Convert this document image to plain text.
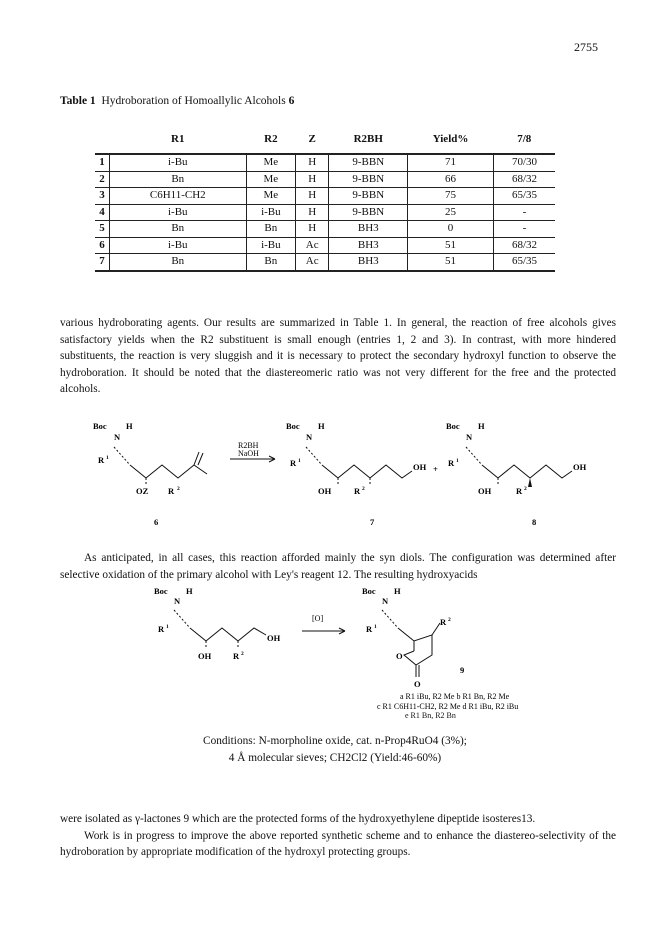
2755
Table 1 Hydroboration of Homoallylic Alcohols 6
	R1	R2	Z	R2BH	Yield%	7/8
1	i-Bu	Me	H	9-BBN	71	70/30
2	Bn	Me	H	9-BBN	66	68/32
3	C6H11-CH2	Me	H	9-BBN	75	65/35
4	i-Bu	i-Bu	H	9-BBN	25	-
5	Bn	Bn	H	BH3	0	-
6	i-Bu	i-Bu	Ac	BH3	51	68/32
7	Bn	Bn	Ac	BH3	51	65/35
various hydroborating agents. Our results are summarized in Table 1. In general, the reaction of free alcohols gives satisfactory yields when the R2 substituent is small enough (entries 1, 2 and 3). In contrast, with more hindered substituents, the reaction is very sluggish and it is necessary to protect the secondary hydroxyl function to observe the hydroboration. It should be noted that the diastereomeric ratio was not very different for the free and the protected alcohols.
Boc
N
H
R
OZ R
6
Boc
N
H
R
OH	R
OH
7
Boc
N
H
R
OH	R
OH
8
+
1
2
1
2
1
2
R2BH
NaOH
As anticipated, in all cases, this reaction afforded mainly the syn diols. The configuration was determined after selective oxidation of the primary alcohol with Ley's reagent 12. The resulting hydroxyacids
Boc
N
H
R
OH	R
OH
Boc
N
H
R
R
O
O
9
1
2
1
2
[O]
a R1 iBu, R2 Me b R1 Bn, R2 Me
c R1 C6H11-CH2, R2 Me d R1 iBu, R2 iBu
e R1 Bn, R2 Bn
Conditions: N-morpholine oxide, cat. n-Prop4RuO4 (3%);
4 Å molecular sieves; CH2Cl2 (Yield:46-60%)
were isolated as γ-lactones 9 which are the protected forms of the hydroxyethylene dipeptide isosteres13.
Work is in progress to improve the above reported synthetic scheme and to enhance the diastereo-selectivity of the hydroboration by appropriate modification of the hydroxyl protecting groups.
